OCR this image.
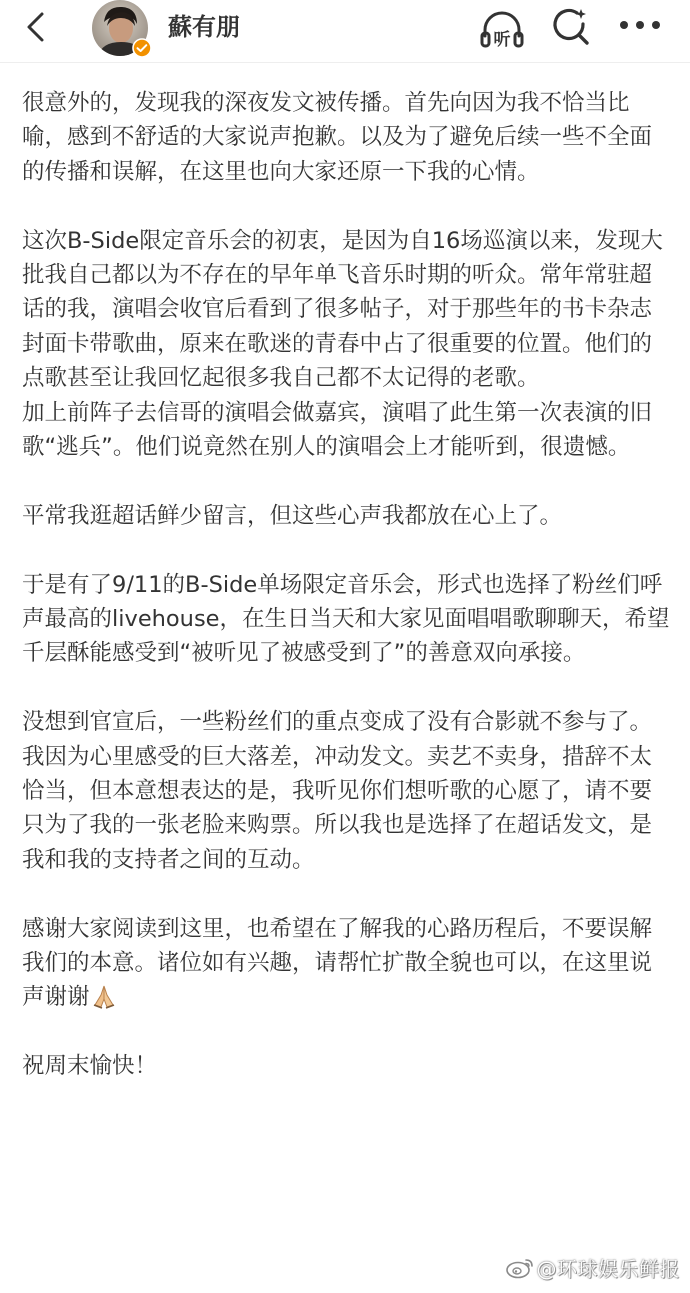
蘇有朋	听

很意外的，发现我的深夜发文被传播。首先向因为我不恰当比喻，感到不舒适的大家说声抱歉。以及为了避免后续一些不全面的传播和误解，在这里也向大家还原一下我的心情。

这次B-Side限定音乐会的初衷，是因为自16场巡演以来，发现大批我自己都以为不存在的早年单飞音乐时期的听众。常年常驻超话的我，演唱会收官后看到了很多帖子，对于那些年的书卡杂志封面卡带歌曲，原来在歌迷的青春中占了很重要的位置。他们的点歌甚至让我回忆起很多我自己都不太记得的老歌。

加上前阵子去信哥的演唱会做嘉宾，演唱了此生第一次表演的旧歌“逃兵”。他们说竟然在别人的演唱会上才能听到，很遗憾。

平常我逛超话鲜少留言，但这些心声我都放在心上了。

于是有了9/11的B-Side单场限定音乐会，形式也选择了粉丝们呼声最高的livehouse，在生日当天和大家见面唱唱歌聊聊天，希望千层酥能感受到“被听见了被感受到了”的善意双向承接。

没想到官宣后，一些粉丝们的重点变成了没有合影就不参与了。我因为心里感受的巨大落差，冲动发文。卖艺不卖身，措辞不太恰当，但本意想表达的是，我听见你们想听歌的心愿了，请不要只为了我的一张老脸来购票。所以我也是选择了在超话发文，是我和我的支持者之间的互动。

感谢大家阅读到这里，也希望在了解我的心路历程后，不要误解我们的本意。诸位如有兴趣，请帮忙扩散全貌也可以，在这里说声谢谢

祝周末愉快！

@环球娱乐鲜报
